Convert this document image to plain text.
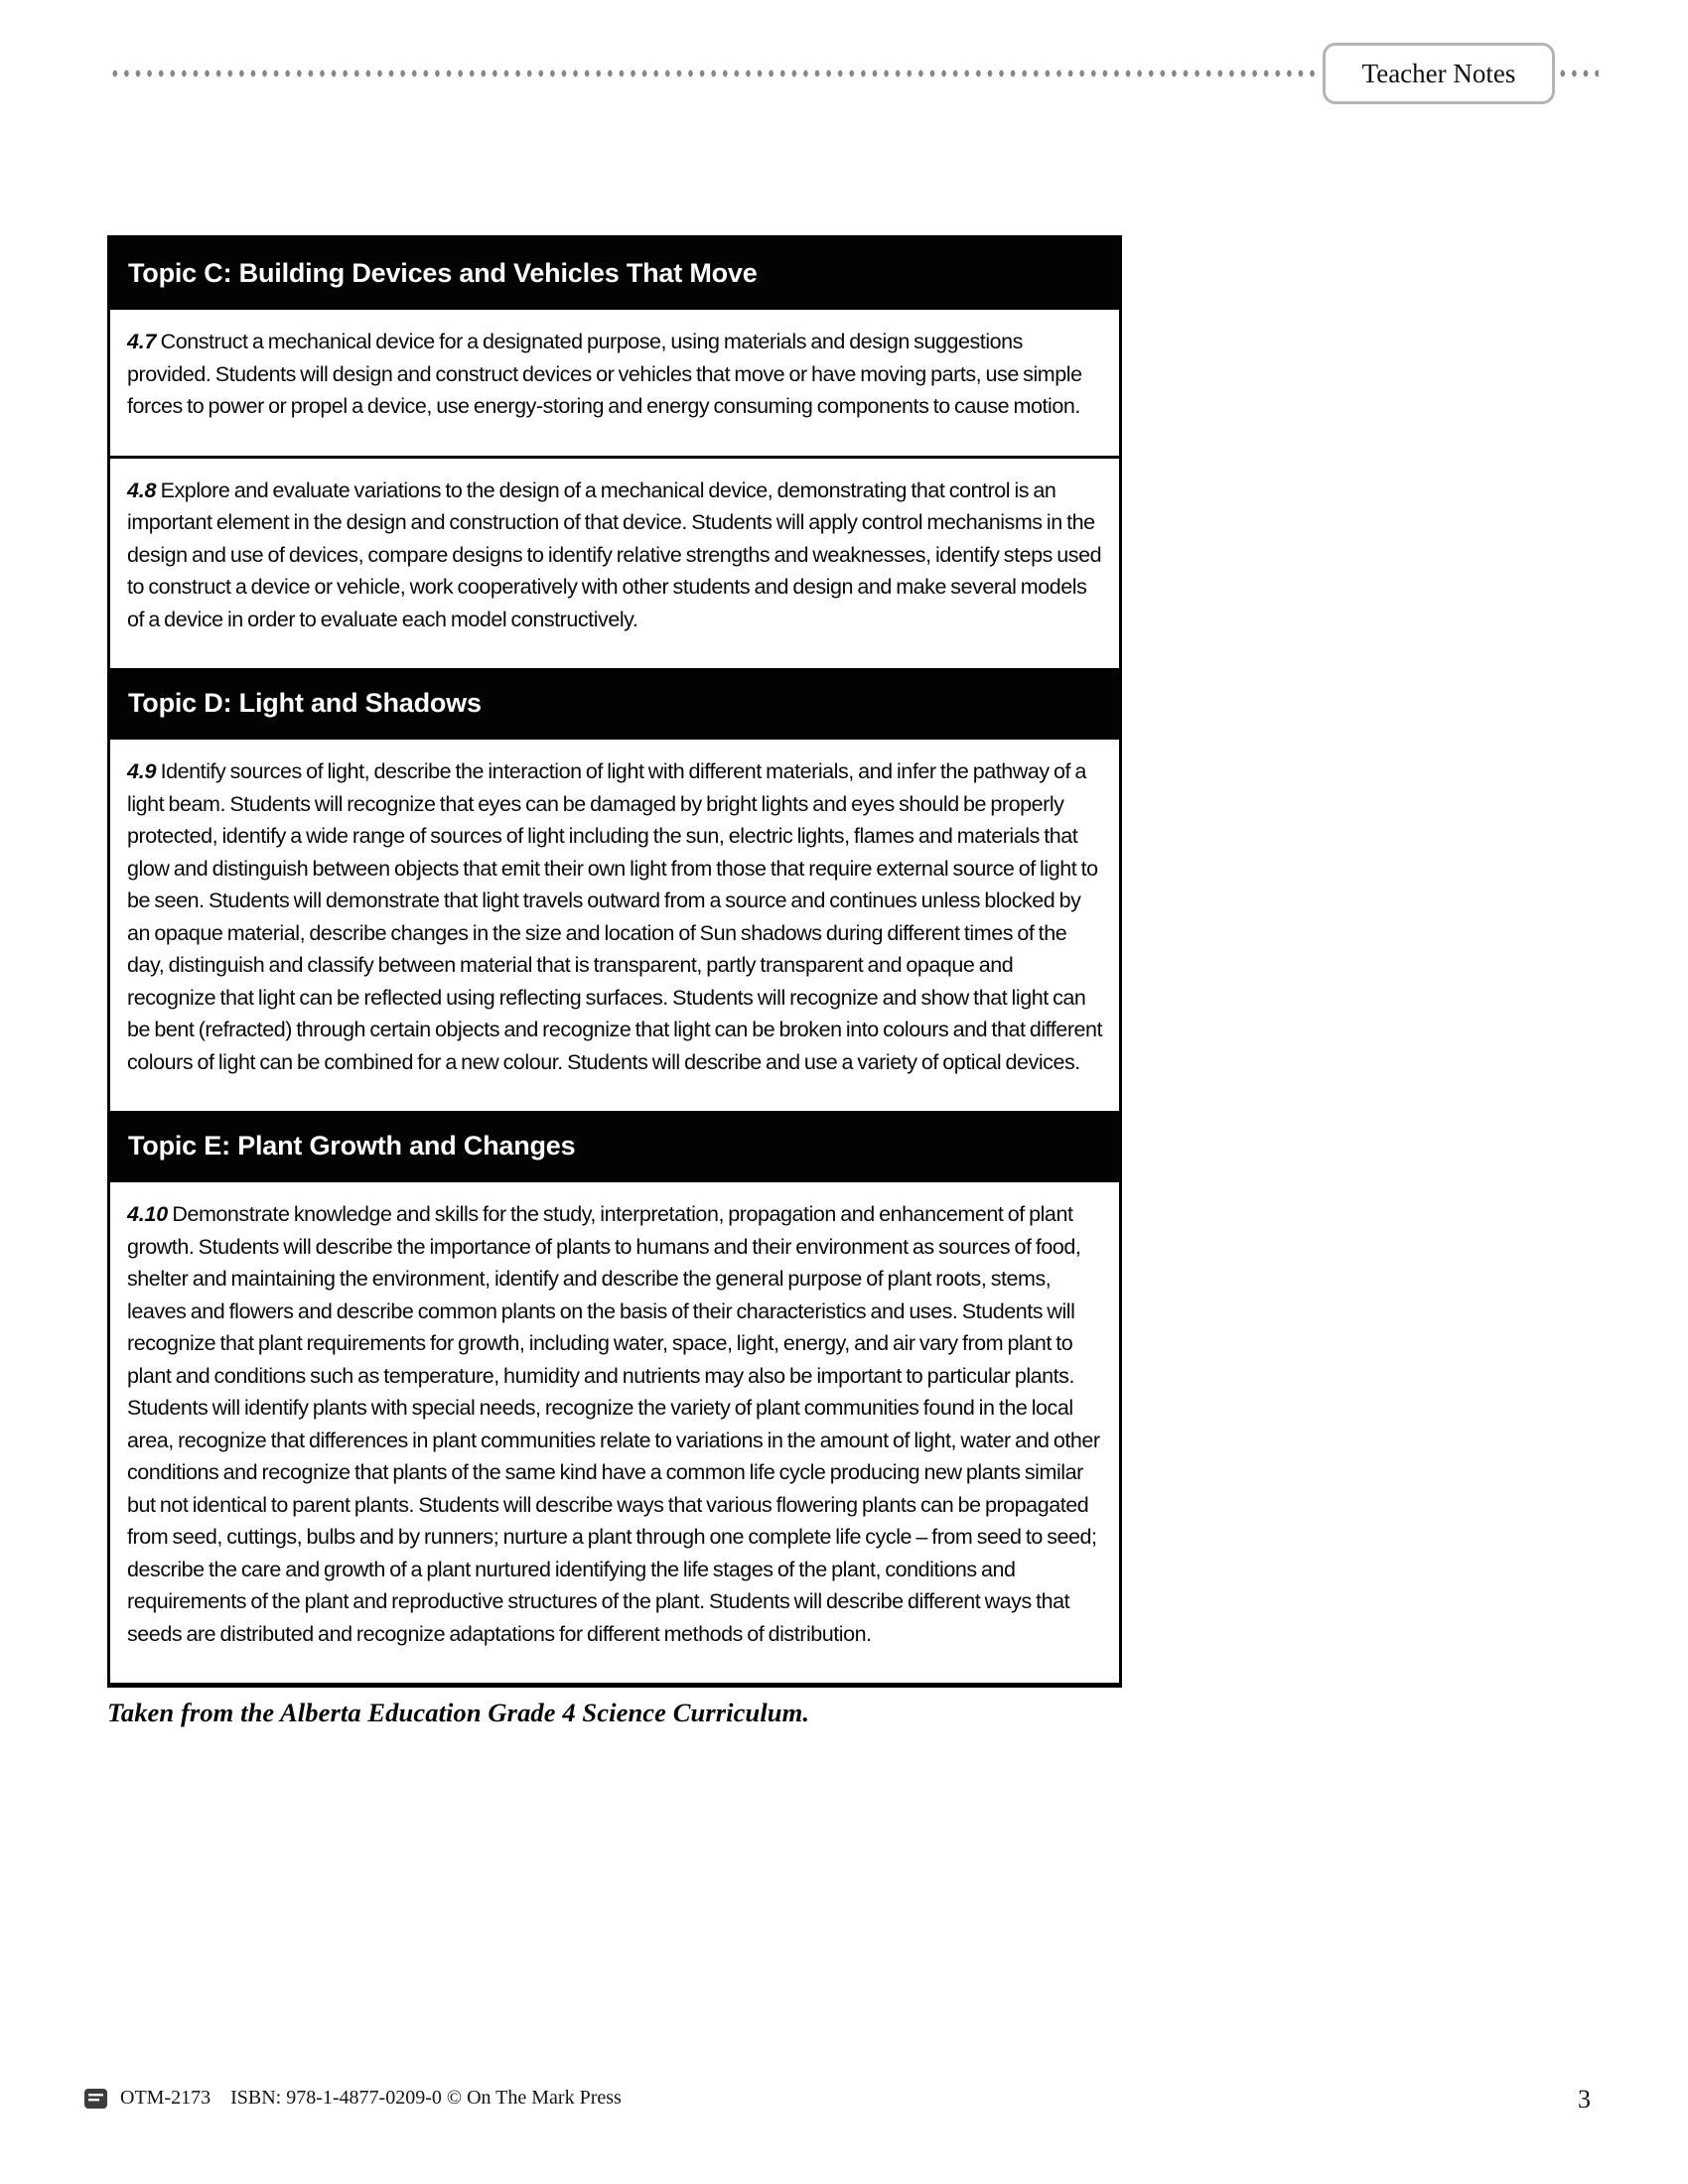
Teacher Notes
Topic C: Building Devices and Vehicles That Move
4.7 Construct a mechanical device for a designated purpose, using materials and design suggestions provided. Students will design and construct devices or vehicles that move or have moving parts, use simple forces to power or propel a device, use energy-storing and energy consuming components to cause motion.
4.8 Explore and evaluate variations to the design of a mechanical device, demonstrating that control is an important element in the design and construction of that device. Students will apply control mechanisms in the design and use of devices, compare designs to identify relative strengths and weaknesses, identify steps used to construct a device or vehicle, work cooperatively with other students and design and make several models of a device in order to evaluate each model constructively.
Topic D: Light and Shadows
4.9 Identify sources of light, describe the interaction of light with different materials, and infer the pathway of a light beam. Students will recognize that eyes can be damaged by bright lights and eyes should be properly protected, identify a wide range of sources of light including the sun, electric lights, flames and materials that glow and distinguish between objects that emit their own light from those that require external source of light to be seen. Students will demonstrate that light travels outward from a source and continues unless blocked by an opaque material, describe changes in the size and location of Sun shadows during different times of the day, distinguish and classify between material that is transparent, partly transparent and opaque and recognize that light can be reflected using reflecting surfaces. Students will recognize and show that light can be bent (refracted) through certain objects and recognize that light can be broken into colours and that different colours of light can be combined for a new colour. Students will describe and use a variety of optical devices.
Topic E: Plant Growth and Changes
4.10 Demonstrate knowledge and skills for the study, interpretation, propagation and enhancement of plant growth. Students will describe the importance of plants to humans and their environment as sources of food, shelter and maintaining the environment, identify and describe the general purpose of plant roots, stems, leaves and flowers and describe common plants on the basis of their characteristics and uses. Students will recognize that plant requirements for growth, including water, space, light, energy, and air vary from plant to plant and conditions such as temperature, humidity and nutrients may also be important to particular plants. Students will identify plants with special needs, recognize the variety of plant communities found in the local area, recognize that differences in plant communities relate to variations in the amount of light, water and other conditions and recognize that plants of the same kind have a common life cycle producing new plants similar but not identical to parent plants. Students will describe ways that various flowering plants can be propagated from seed, cuttings, bulbs and by runners; nurture a plant through one complete life cycle – from seed to seed; describe the care and growth of a plant nurtured identifying the life stages of the plant, conditions and requirements of the plant and reproductive structures of the plant. Students will describe different ways that seeds are distributed and recognize adaptations for different methods of distribution.
Taken from the Alberta Education Grade 4 Science Curriculum.
OTM-2173 ISBN: 978-1-4877-0209-0 © On The Mark Press	3
